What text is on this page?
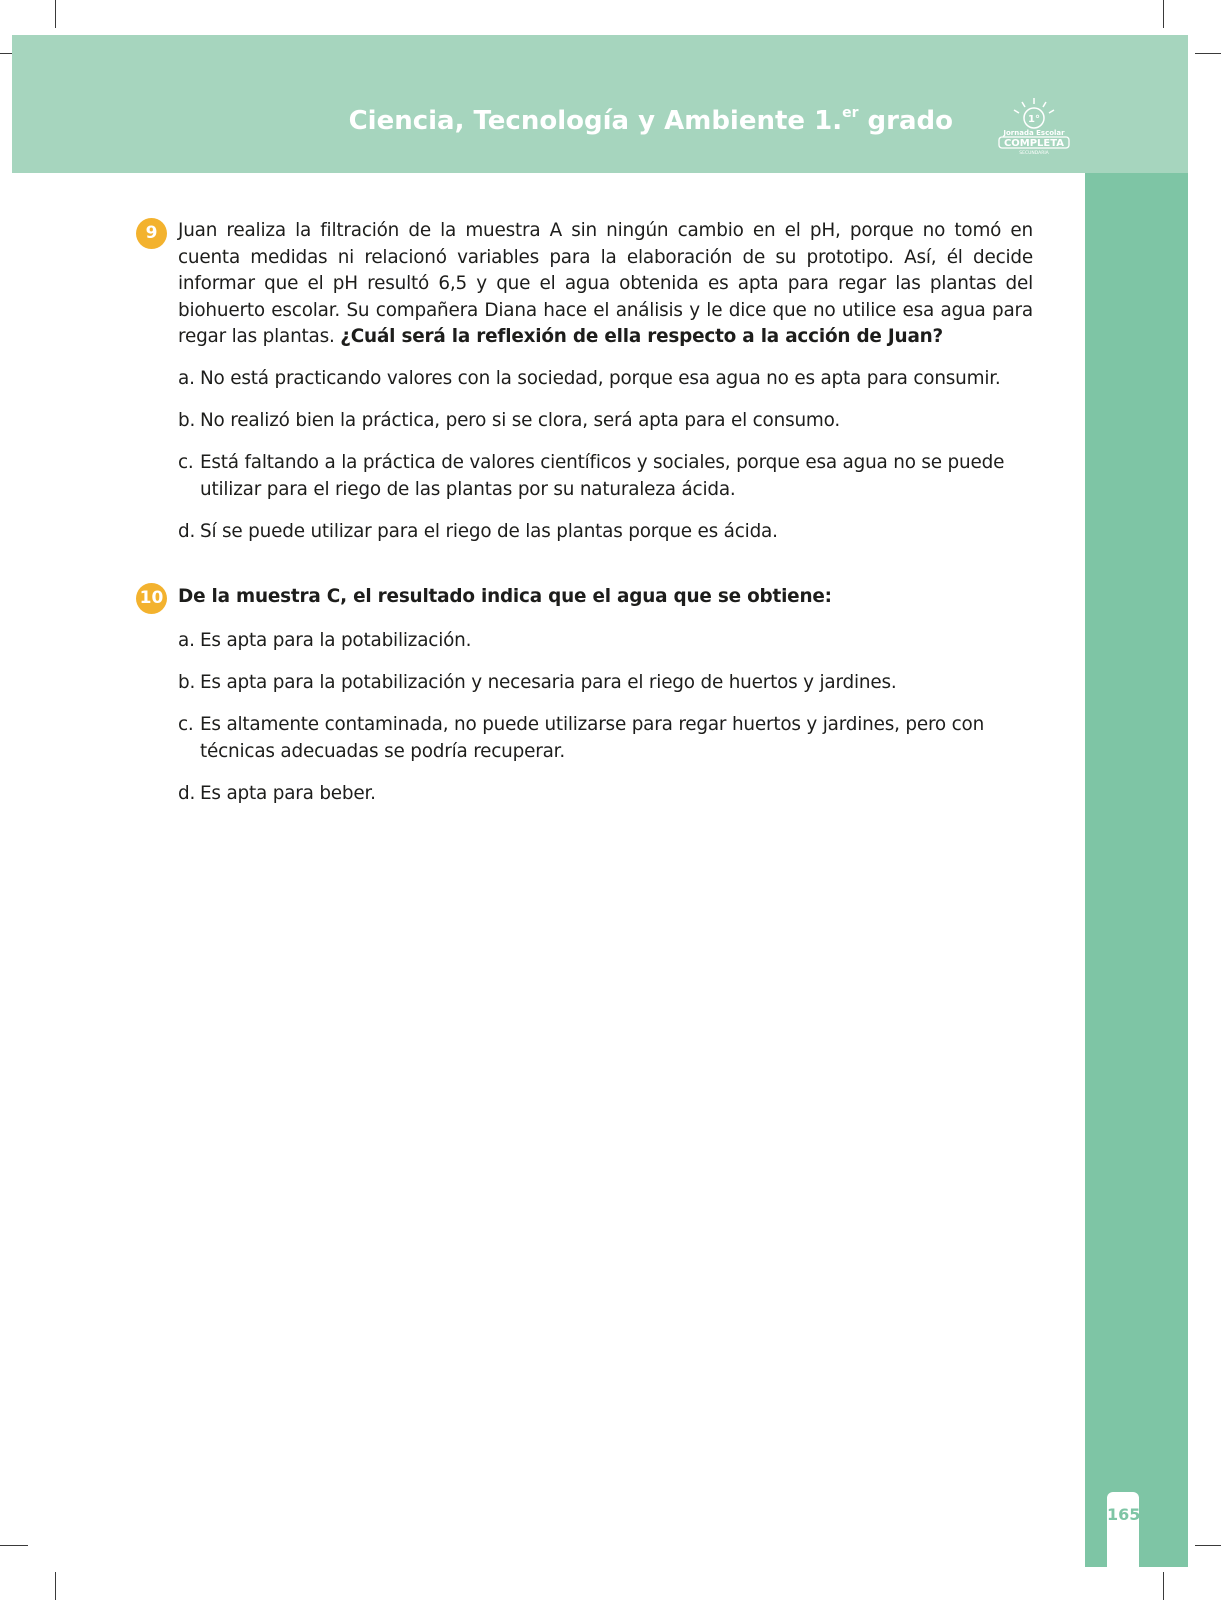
Ciencia, Tecnología y Ambiente 1.$^{er}$ grado	1°
Jornada Escolar
COMPLETA
SECUNDARIA
165
9	Juan realiza la filtración de la muestra A sin ningún cambio en el pH, porque no tomó en cuenta medidas ni relacionó variables para la elaboración de su prototipo. Así, él decide informar que el pH resultó 6,5 y que el agua obtenida es apta para regar las plantas del biohuerto escolar. Su compañera Diana hace el análisis y le dice que no utilice esa agua para regar las plantas. ¿Cuál será la reflexión de ella respecto a la acción de Juan?
a. No está practicando valores con la sociedad, porque esa agua no es apta para consumir.
b. No realizó bien la práctica, pero si se clora, será apta para el consumo.
c. Está faltando a la práctica de valores científicos y sociales, porque esa agua no se puede utilizar para el riego de las plantas por su naturaleza ácida.
d. Sí se puede utilizar para el riego de las plantas porque es ácida.
10 De la muestra C, el resultado indica que el agua que se obtiene:
a. Es apta para la potabilización.
b. Es apta para la potabilización y necesaria para el riego de huertos y jardines.
c. Es altamente contaminada, no puede utilizarse para regar huertos y jardines, pero con técnicas adecuadas se podría recuperar.
d. Es apta para beber.
